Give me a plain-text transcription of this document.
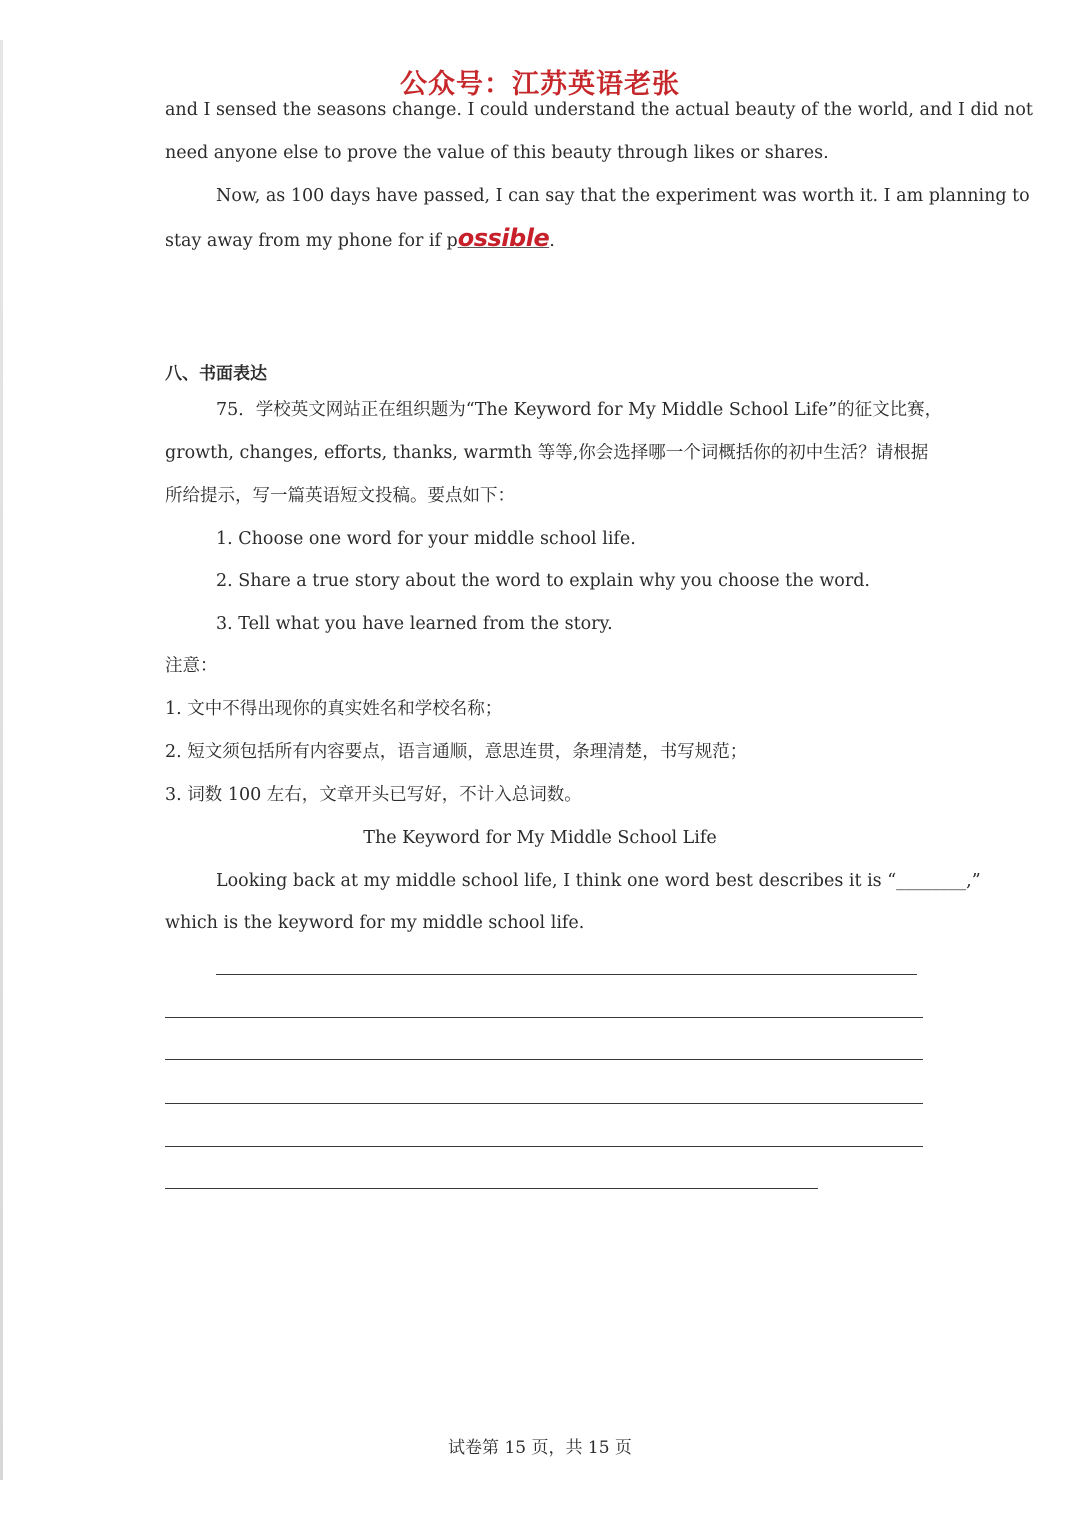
公众号：江苏英语老张
and I sensed the seasons change. I could understand the actual beauty of the world, and I did not
need anyone else to prove the value of this beauty through likes or shares.
Now, as 100 days have passed, I can say that the experiment was worth it. I am planning to
stay away from my phone for if possible.
八、书面表达
75．学校英文网站正在组织题为“The Keyword for My Middle School Life”的征文比赛，
growth, changes, efforts, thanks, warmth 等等,你会选择哪一个词概括你的初中生活？请根据
所给提示，写一篇英语短文投稿。要点如下：
1. Choose one word for your middle school life.
2. Share a true story about the word to explain why you choose the word.
3. Tell what you have learned from the story.
注意：
1. 文中不得出现你的真实姓名和学校名称；
2. 短文须包括所有内容要点，语言通顺，意思连贯，条理清楚，书写规范；
3. 词数 100 左右，文章开头已写好，不计入总词数。
The Keyword for My Middle School Life
Looking back at my middle school life, I think one word best describes it is “________,”
which is the keyword for my middle school life.
试卷第 15 页，共 15 页
